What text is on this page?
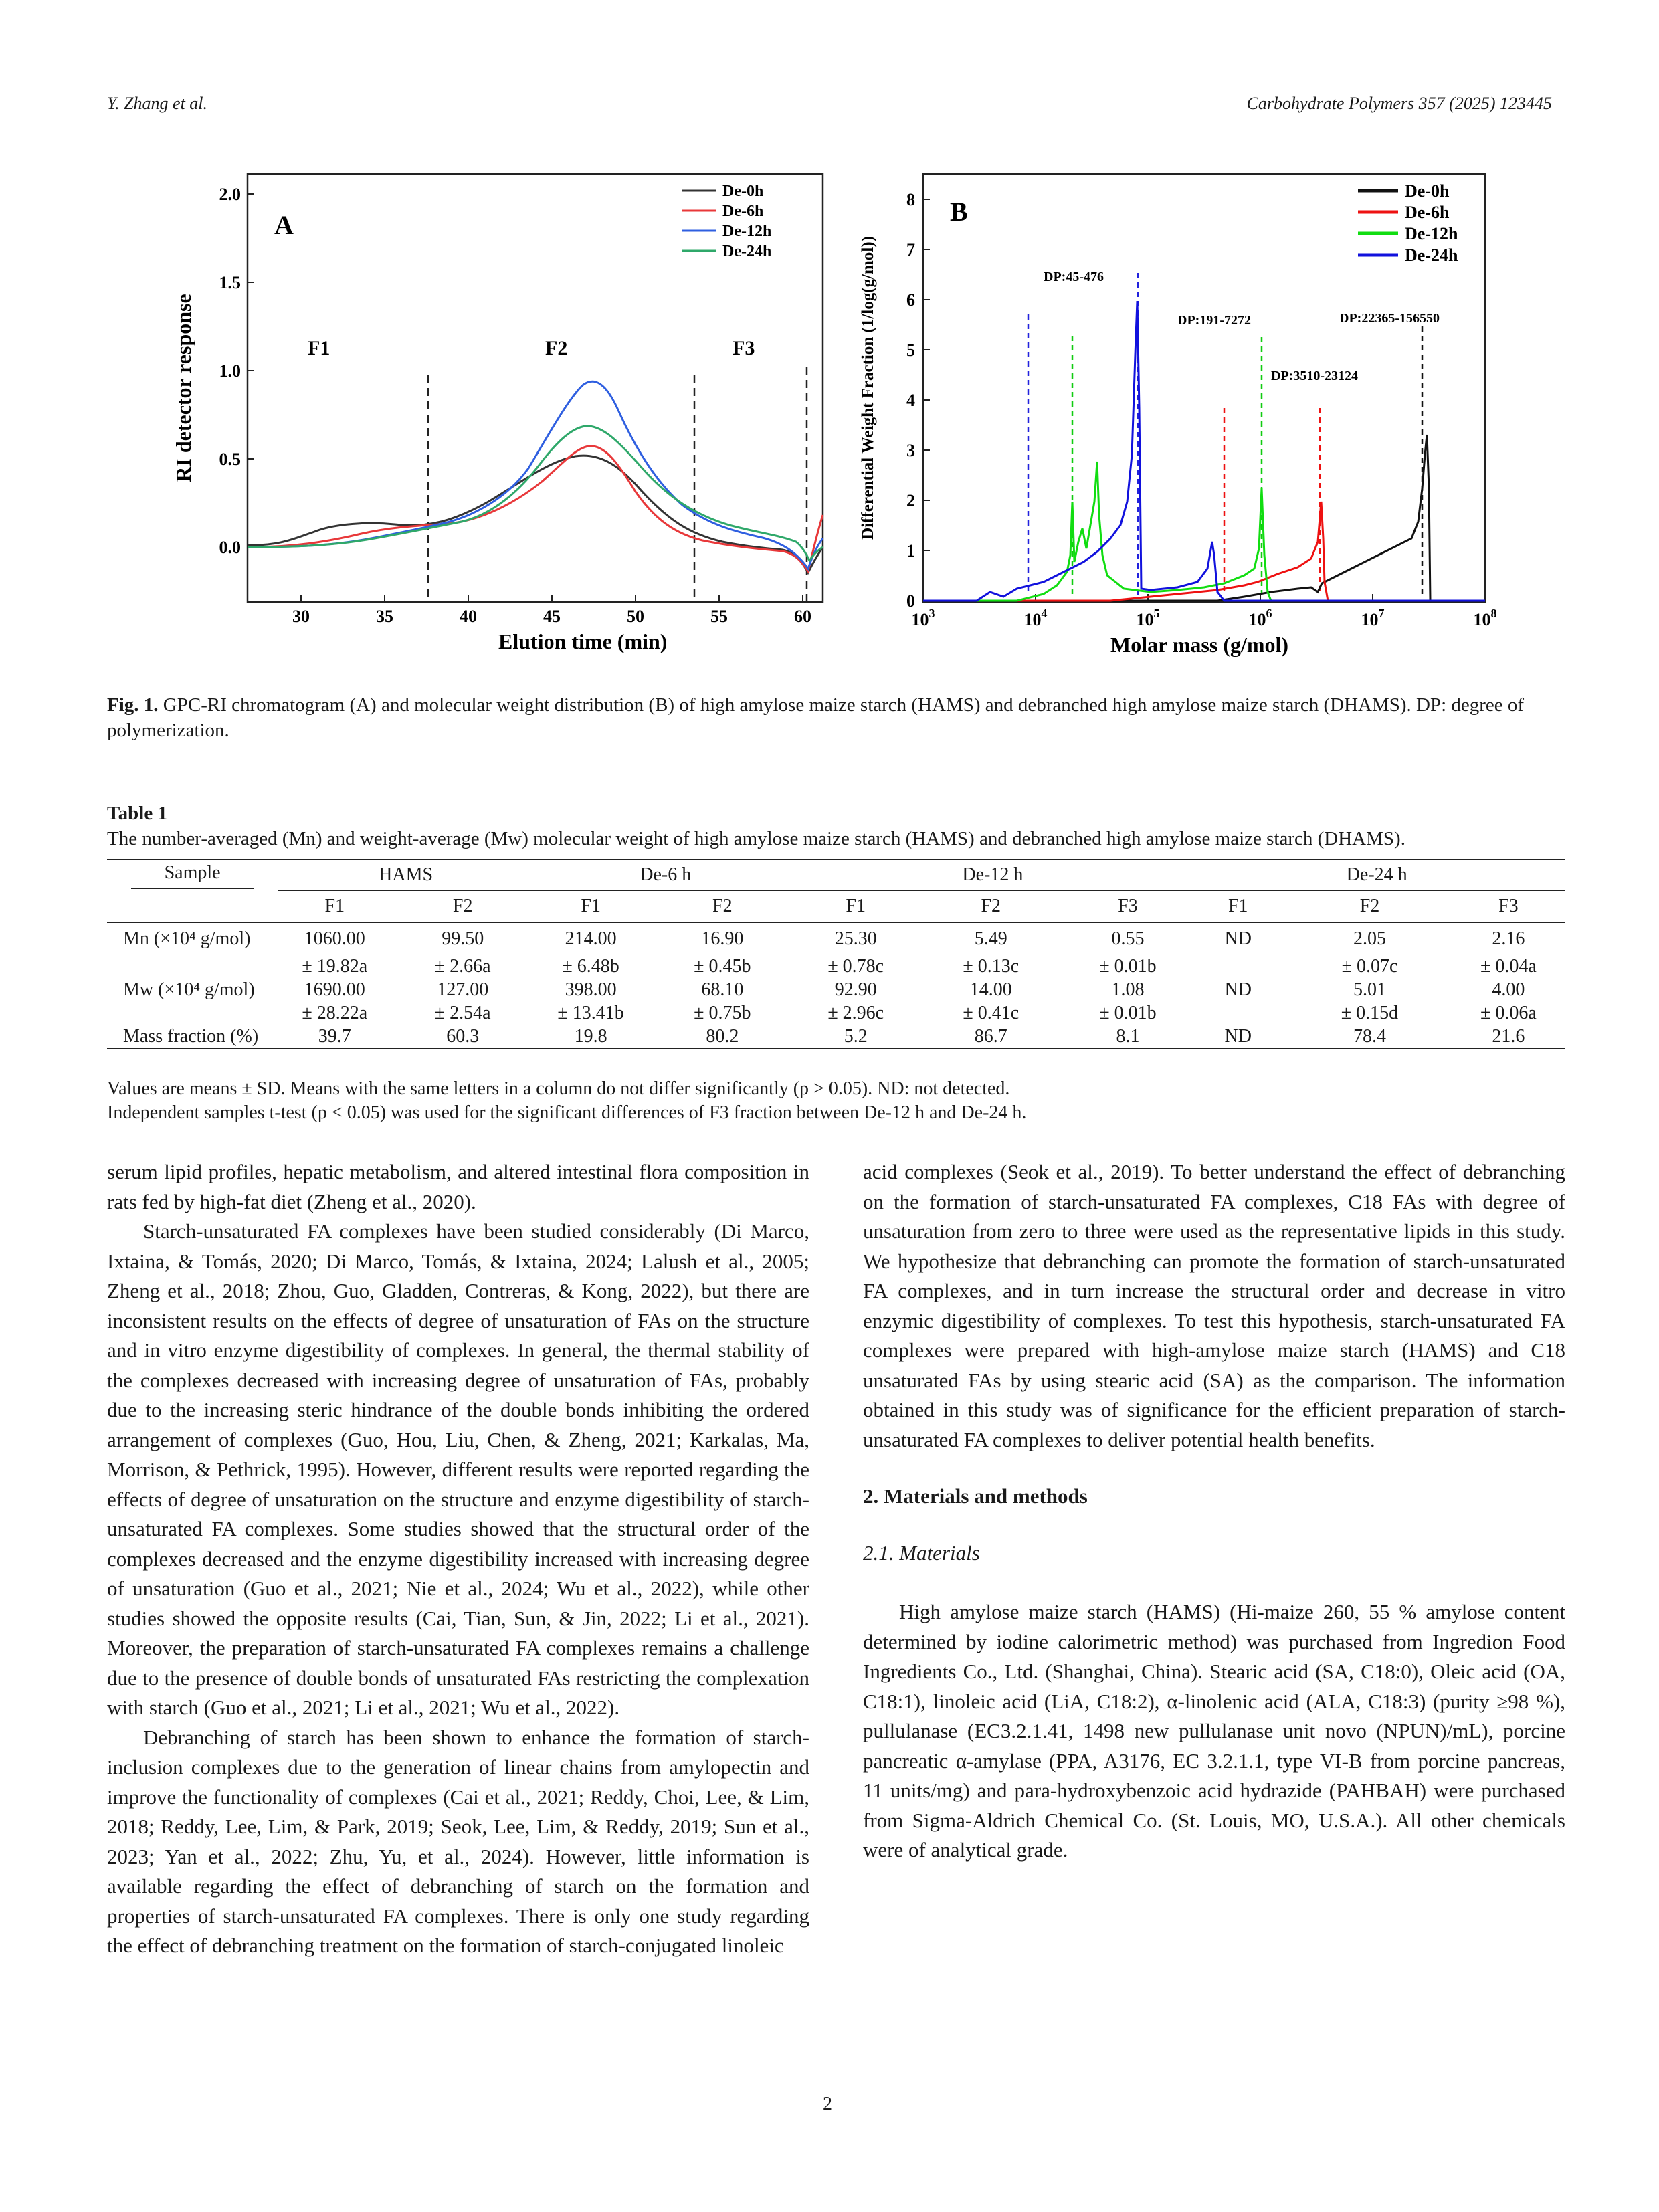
Y. Zhang et al.	Carbohydrate Polymers 357 (2025) 123445
0.0
0.5
1.0
1.5
2.0
30	35	40	45	50	55	60
A
F1	F2	F3
De-0h
De-6h
De-12h
De-24h
Elution time (min)
RI detector response
0
1
2
3
4
5
6
7
8
$10^3$	$10^4$	$10^5$	$10^6$	$10^7$	$10^8$
B
DP:45-476
DP:191-7272	DP:22365-156550
DP:3510-23124
De-0h
De-6h
De-12h
De-24h
Molar mass (g/mol)
Differential Weight Fraction (1/log(g/mol))
Fig. 1. GPC-RI chromatogram (A) and molecular weight distribution (B) of high amylose maize starch (HAMS) and debranched high amylose maize starch (DHAMS). DP: degree of polymerization.
Table 1
The number-averaged (Mn) and weight-average (Mw) molecular weight of high amylose maize starch (HAMS) and debranched high amylose maize starch (DHAMS).
Sample	HAMS		De-6 h		De-12 h			De-24 h		
	F1	F2	F1	F2	F1	F2	F3	F1	F2	F3
Mn (×10⁴ g/mol)	1060.00	99.50	214.00	16.90	25.30	5.49	0.55	ND	2.05	2.16
	± 19.82a	± 2.66a	± 6.48b	± 0.45b	± 0.78c	± 0.13c	± 0.01b		± 0.07c	± 0.04a
Mw (×10⁴ g/mol)	1690.00	127.00	398.00	68.10	92.90	14.00	1.08	ND	5.01	4.00
	± 28.22a	± 2.54a	± 13.41b	± 0.75b	± 2.96c	± 0.41c	± 0.01b		± 0.15d	± 0.06a
Mass fraction (%)	39.7	60.3	19.8	80.2	5.2	86.7	8.1	ND	78.4	21.6
Values are means ± SD. Means with the same letters in a column do not differ significantly (p > 0.05). ND: not detected.
Independent samples t-test (p < 0.05) was used for the significant differences of F3 fraction between De-12 h and De-24 h.

serum lipid profiles, hepatic metabolism, and altered intestinal flora composition in rats fed by high-fat diet (Zheng et al., 2020).

Starch-unsaturated FA complexes have been studied considerably (Di Marco, Ixtaina, & Tomás, 2020; Di Marco, Tomás, & Ixtaina, 2024; Lalush et al., 2005; Zheng et al., 2018; Zhou, Guo, Gladden, Contreras, & Kong, 2022), but there are inconsistent results on the effects of degree of unsaturation of FAs on the structure and in vitro enzyme digestibility of complexes. In general, the thermal stability of the complexes decreased with increasing degree of unsaturation of FAs, probably due to the increasing steric hindrance of the double bonds inhibiting the ordered arrangement of complexes (Guo, Hou, Liu, Chen, & Zheng, 2021; Karkalas, Ma, Morrison, & Pethrick, 1995). However, different results were reported regarding the effects of degree of unsaturation on the structure and enzyme digestibility of starch-unsaturated FA complexes. Some studies showed that the structural order of the complexes decreased and the enzyme digestibility increased with increasing degree of unsaturation (Guo et al., 2021; Nie et al., 2024; Wu et al., 2022), while other studies showed the opposite results (Cai, Tian, Sun, & Jin, 2022; Li et al., 2021). Moreover, the preparation of starch-unsaturated FA complexes remains a challenge due to the presence of double bonds of unsaturated FAs restricting the complexation with starch (Guo et al., 2021; Li et al., 2021; Wu et al., 2022).

Debranching of starch has been shown to enhance the formation of starch-inclusion complexes due to the generation of linear chains from amylopectin and improve the functionality of complexes (Cai et al., 2021; Reddy, Choi, Lee, & Lim, 2018; Reddy, Lee, Lim, & Park, 2019; Seok, Lee, Lim, & Reddy, 2019; Sun et al., 2023; Yan et al., 2022; Zhu, Yu, et al., 2024). However, little information is available regarding the effect of debranching of starch on the formation and properties of starch-unsaturated FA complexes. There is only one study regarding the effect of debranching treatment on the formation of starch-conjugated linoleic

acid complexes (Seok et al., 2019). To better understand the effect of debranching on the formation of starch-unsaturated FA complexes, C18 FAs with degree of unsaturation from zero to three were used as the representative lipids in this study. We hypothesize that debranching can promote the formation of starch-unsaturated FA complexes, and in turn increase the structural order and decrease in vitro enzymic digestibility of complexes. To test this hypothesis, starch-unsaturated FA complexes were prepared with high-amylose maize starch (HAMS) and C18 unsaturated FAs by using stearic acid (SA) as the comparison. The information obtained in this study was of significance for the efficient preparation of starch-unsaturated FA complexes to deliver potential health benefits.

2. Materials and methods
2.1. Materials

High amylose maize starch (HAMS) (Hi-maize 260, 55 % amylose content determined by iodine calorimetric method) was purchased from Ingredion Food Ingredients Co., Ltd. (Shanghai, China). Stearic acid (SA, C18:0), Oleic acid (OA, C18:1), linoleic acid (LiA, C18:2), α-linolenic acid (ALA, C18:3) (purity ≥98 %), pullulanase (EC3.2.1.41, 1498 new pullulanase unit novo (NPUN)/mL), porcine pancreatic α-amylase (PPA, A3176, EC 3.2.1.1, type VI-B from porcine pancreas, 11 units/mg) and para-hydroxybenzoic acid hydrazide (PAHBAH) were purchased from Sigma-Aldrich Chemical Co. (St. Louis, MO, U.S.A.). All other chemicals were of analytical grade.

2
